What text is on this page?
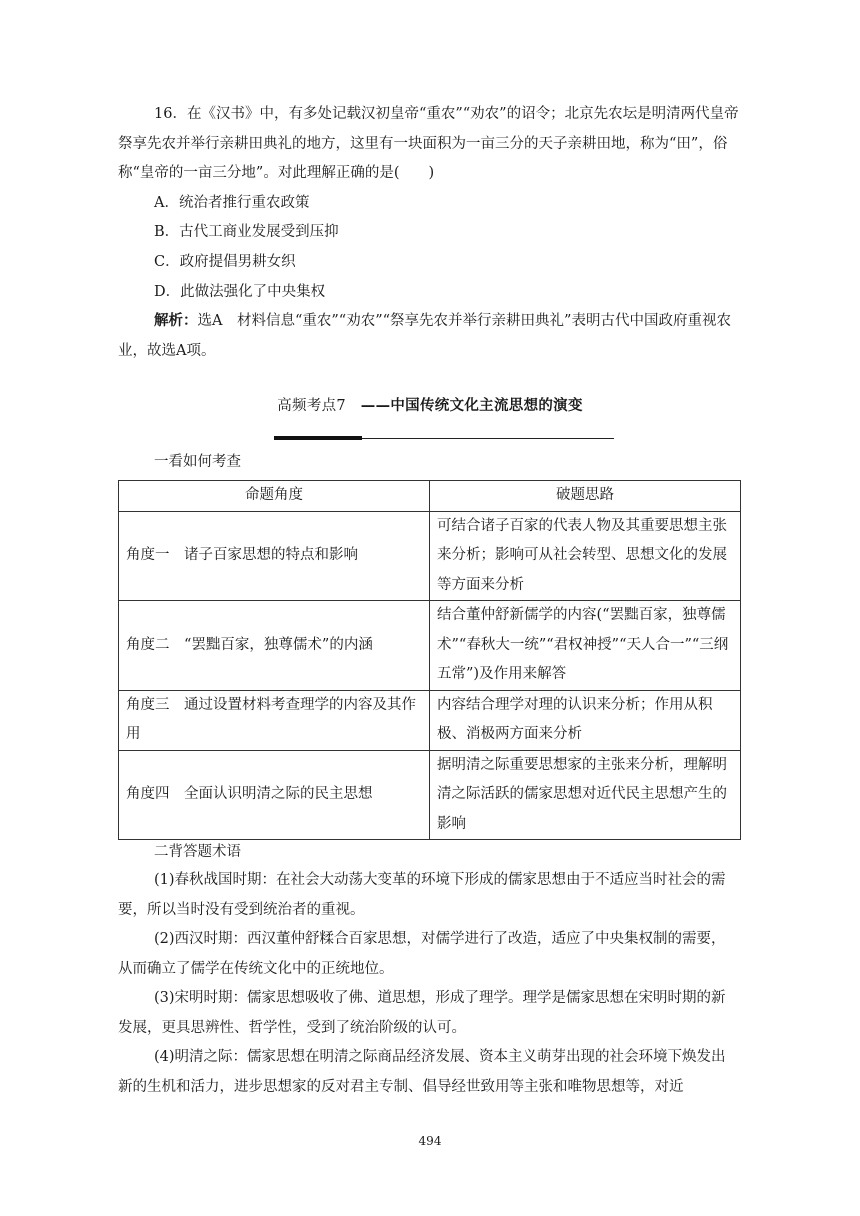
16．在《汉书》中，有多处记载汉初皇帝“重农”“劝农”的诏令；北京先农坛是明清两代皇帝祭享先农并举行亲耕田典礼的地方，这里有一块面积为一亩三分的天子亲耕田地，称为“田”，俗称“皇帝的一亩三分地”。对此理解正确的是(　　)
A．统治者推行重农政策
B．古代工商业发展受到压抑
C．政府提倡男耕女织
D．此做法强化了中央集权
解析：选A　材料信息“重农”“劝农”“祭享先农并举行亲耕田典礼”表明古代中国政府重视农业，故选A项。
高频考点7　——中国传统文化主流思想的演变
一看如何考查
命题角度	破题思路
角度一　诸子百家思想的特点和影响	可结合诸子百家的代表人物及其重要思想主张来分析；影响可从社会转型、思想文化的发展等方面来分析
角度二　“罢黜百家，独尊儒术”的内涵	结合董仲舒新儒学的内容(“罢黜百家，独尊儒术”“春秋大一统”“君权神授”“天人合一”“三纲五常”)及作用来解答
角度三　通过设置材料考查理学的内容及其作用	内容结合理学对理的认识来分析；作用从积极、消极两方面来分析
角度四　全面认识明清之际的民主思想	据明清之际重要思想家的主张来分析，理解明清之际活跃的儒家思想对近代民主思想产生的影响
二背答题术语
(1)春秋战国时期：在社会大动荡大变革的环境下形成的儒家思想由于不适应当时社会的需要，所以当时没有受到统治者的重视。
(2)西汉时期：西汉董仲舒糅合百家思想，对儒学进行了改造，适应了中央集权制的需要，从而确立了儒学在传统文化中的正统地位。
(3)宋明时期：儒家思想吸收了佛、道思想，形成了理学。理学是儒家思想在宋明时期的新发展，更具思辨性、哲学性，受到了统治阶级的认可。
(4)明清之际：儒家思想在明清之际商品经济发展、资本主义萌芽出现的社会环境下焕发出新的生机和活力，进步思想家的反对君主专制、倡导经世致用等主张和唯物思想等，对近
494
